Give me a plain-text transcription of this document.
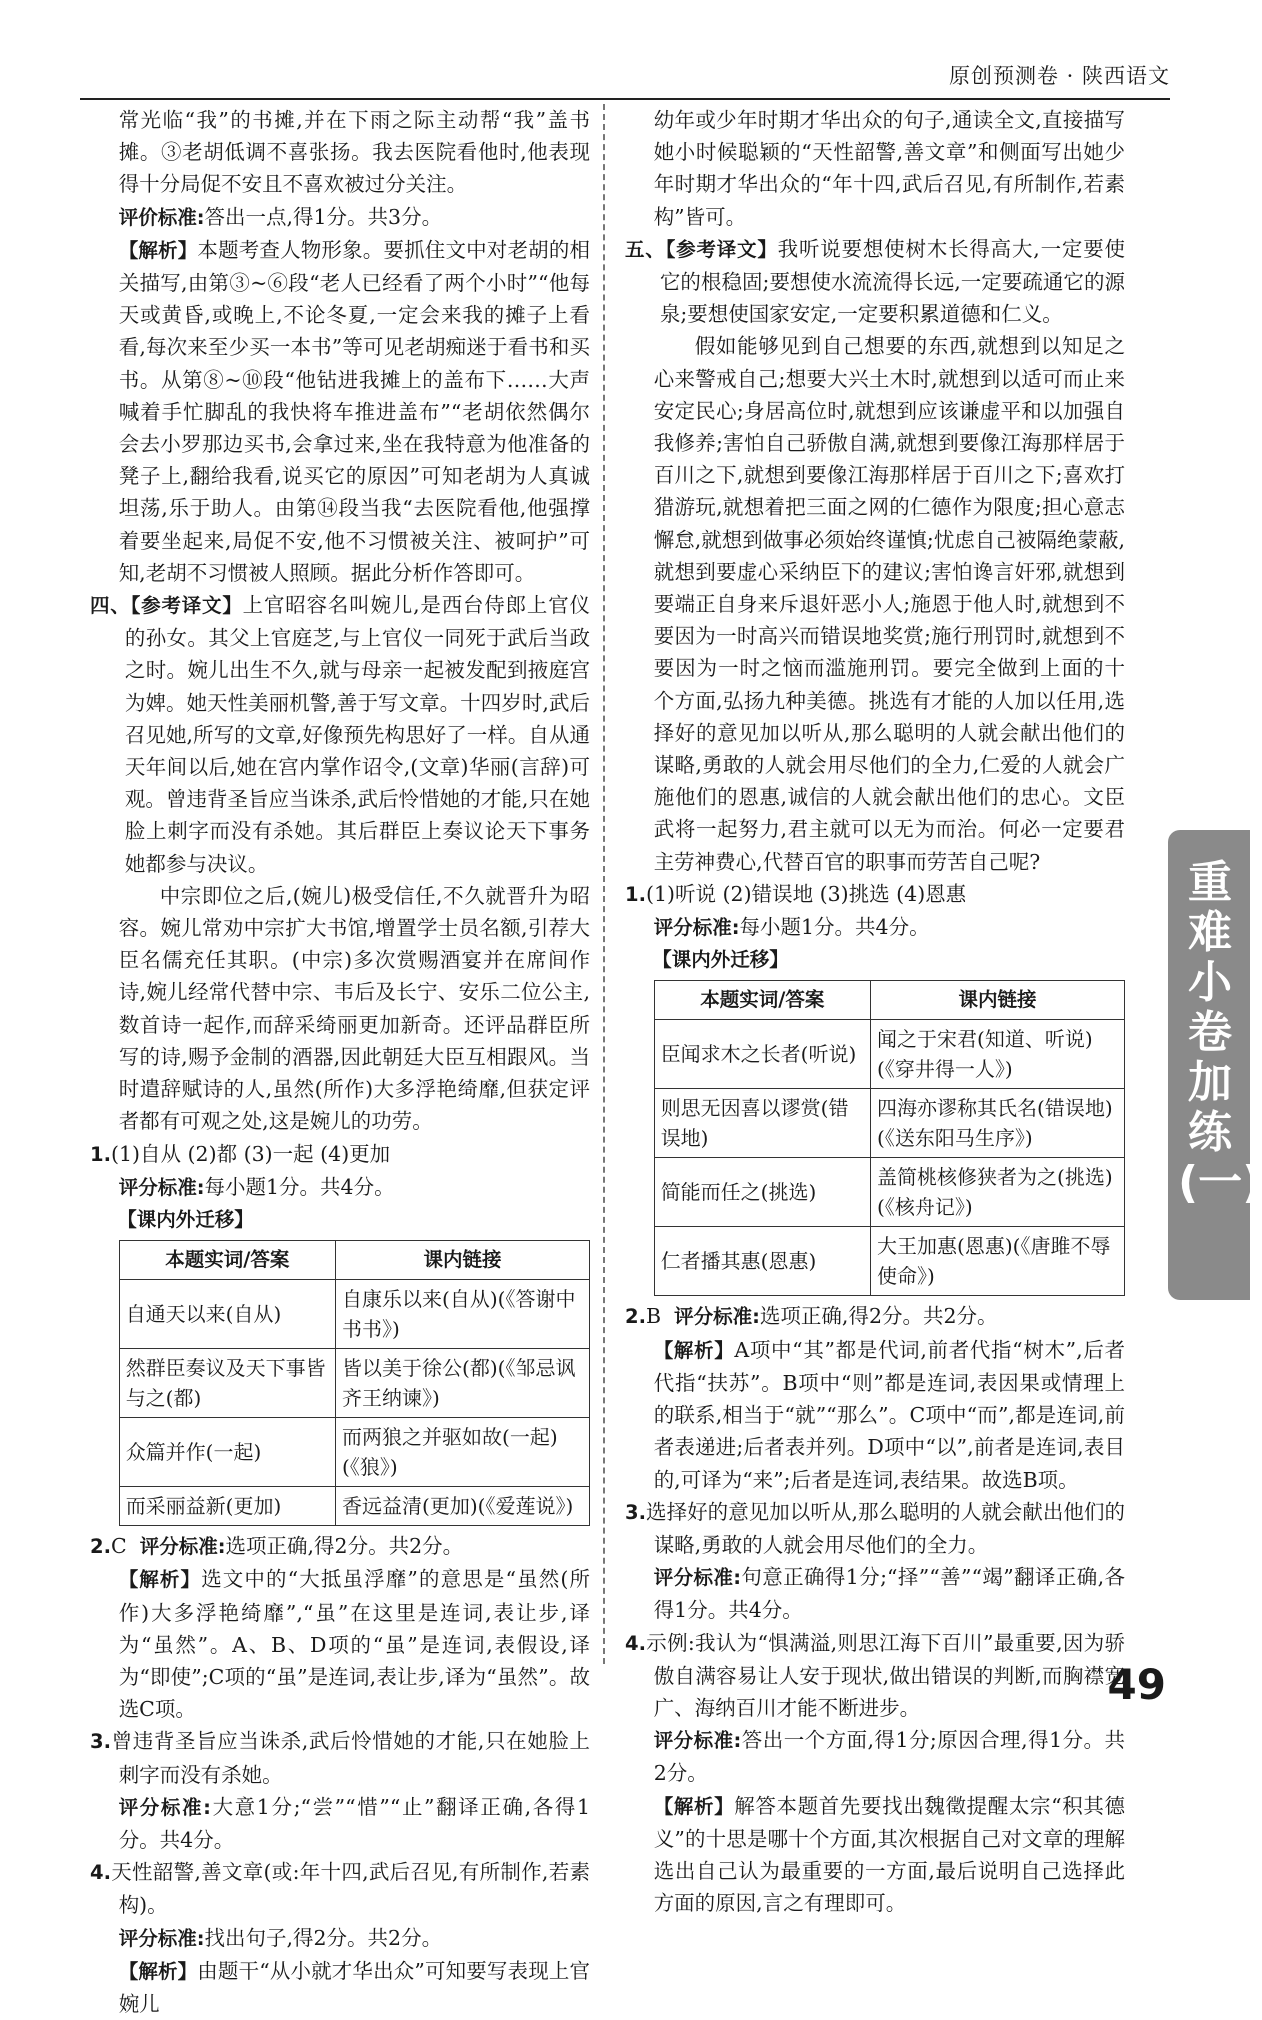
原创预测卷 · 陕西语文

常光临“我”的书摊,并在下雨之际主动帮“我”盖书摊。③老胡低调不喜张扬。我去医院看他时,他表现得十分局促不安且不喜欢被过分关注。

评价标准:答出一点,得1分。共3分。

【解析】本题考查人物形象。要抓住文中对老胡的相关描写,由第③~⑥段“老人已经看了两个小时”“他每天或黄昏,或晚上,不论冬夏,一定会来我的摊子上看看,每次来至少买一本书”等可见老胡痴迷于看书和买书。从第⑧~⑩段“他钻进我摊上的盖布下……大声喊着手忙脚乱的我快将车推进盖布”“老胡依然偶尔会去小罗那边买书,会拿过来,坐在我特意为他准备的凳子上,翻给我看,说买它的原因”可知老胡为人真诚坦荡,乐于助人。由第⑭段当我“去医院看他,他强撑着要坐起来,局促不安,他不习惯被关注、被呵护”可知,老胡不习惯被人照顾。据此分析作答即可。

四、【参考译文】上官昭容名叫婉儿,是西台侍郎上官仪的孙女。其父上官庭芝,与上官仪一同死于武后当政之时。婉儿出生不久,就与母亲一起被发配到掖庭宫为婢。她天性美丽机警,善于写文章。十四岁时,武后召见她,所写的文章,好像预先构思好了一样。自从通天年间以后,她在宫内掌作诏令,(文章)华丽(言辞)可观。曾违背圣旨应当诛杀,武后怜惜她的才能,只在她脸上刺字而没有杀她。其后群臣上奏议论天下事务她都参与决议。

中宗即位之后,(婉儿)极受信任,不久就晋升为昭容。婉儿常劝中宗扩大书馆,增置学士员名额,引荐大臣名儒充任其职。(中宗)多次赏赐酒宴并在席间作诗,婉儿经常代替中宗、韦后及长宁、安乐二位公主,数首诗一起作,而辞采绮丽更加新奇。还评品群臣所写的诗,赐予金制的酒器,因此朝廷大臣互相跟风。当时遣辞赋诗的人,虽然(所作)大多浮艳绮靡,但获定评者都有可观之处,这是婉儿的功劳。

1.(1)自从 (2)都 (3)一起 (4)更加

评分标准:每小题1分。共4分。

【课内外迁移】

本题实词/答案	课内链接
自通天以来(自从)	自康乐以来(自从)(《答谢中书书》)
然群臣奏议及天下事皆与之(都)	皆以美于徐公(都)(《邹忌讽齐王纳谏》)
众篇并作(一起)	而两狼之并驱如故(一起)(《狼》)
而采丽益新(更加)	香远益清(更加)(《爱莲说》)

2.C 评分标准:选项正确,得2分。共2分。

【解析】选文中的“大抵虽浮靡”的意思是“虽然(所作)大多浮艳绮靡”,“虽”在这里是连词,表让步,译为“虽然”。A、B、D项的“虽”是连词,表假设,译为“即使”;C项的“虽”是连词,表让步,译为“虽然”。故选C项。

3.曾违背圣旨应当诛杀,武后怜惜她的才能,只在她脸上刺字而没有杀她。

评分标准:大意1分;“尝”“惜”“止”翻译正确,各得1分。共4分。

4.天性韶警,善文章(或:年十四,武后召见,有所制作,若素构)。

评分标准:找出句子,得2分。共2分。

【解析】由题干“从小就才华出众”可知要写表现上官婉儿

幼年或少年时期才华出众的句子,通读全文,直接描写她小时候聪颖的“天性韶警,善文章”和侧面写出她少年时期才华出众的“年十四,武后召见,有所制作,若素构”皆可。

五、【参考译文】我听说要想使树木长得高大,一定要使它的根稳固;要想使水流流得长远,一定要疏通它的源泉;要想使国家安定,一定要积累道德和仁义。

假如能够见到自己想要的东西,就想到以知足之心来警戒自己;想要大兴土木时,就想到以适可而止来安定民心;身居高位时,就想到应该谦虚平和以加强自我修养;害怕自己骄傲自满,就想到要像江海那样居于百川之下,就想到要像江海那样居于百川之下;喜欢打猎游玩,就想着把三面之网的仁德作为限度;担心意志懈怠,就想到做事必须始终谨慎;忧虑自己被隔绝蒙蔽,就想到要虚心采纳臣下的建议;害怕谗言奸邪,就想到要端正自身来斥退奸恶小人;施恩于他人时,就想到不要因为一时高兴而错误地奖赏;施行刑罚时,就想到不要因为一时之恼而滥施刑罚。要完全做到上面的十个方面,弘扬九种美德。挑选有才能的人加以任用,选择好的意见加以听从,那么聪明的人就会献出他们的谋略,勇敢的人就会用尽他们的全力,仁爱的人就会广施他们的恩惠,诚信的人就会献出他们的忠心。文臣武将一起努力,君主就可以无为而治。何必一定要君主劳神费心,代替百官的职事而劳苦自己呢?

1.(1)听说 (2)错误地 (3)挑选 (4)恩惠

评分标准:每小题1分。共4分。

【课内外迁移】

本题实词/答案	课内链接
臣闻求木之长者(听说)	闻之于宋君(知道、听说)(《穿井得一人》)
则思无因喜以谬赏(错误地)	四海亦谬称其氏名(错误地)(《送东阳马生序》)
简能而任之(挑选)	盖简桃核修狭者为之(挑选)(《核舟记》)
仁者播其惠(恩惠)	大王加惠(恩惠)(《唐雎不辱使命》)

2.B 评分标准:选项正确,得2分。共2分。

【解析】A项中“其”都是代词,前者代指“树木”,后者代指“扶苏”。B项中“则”都是连词,表因果或情理上的联系,相当于“就”“那么”。C项中“而”,都是连词,前者表递进;后者表并列。D项中“以”,前者是连词,表目的,可译为“来”;后者是连词,表结果。故选B项。

3.选择好的意见加以听从,那么聪明的人就会献出他们的谋略,勇敢的人就会用尽他们的全力。

评分标准:句意正确得1分;“择”“善”“竭”翻译正确,各得1分。共4分。

4.示例:我认为“惧满溢,则思江海下百川”最重要,因为骄傲自满容易让人安于现状,做出错误的判断,而胸襟宽广、海纳百川才能不断进步。

评分标准:答出一个方面,得1分;原因合理,得1分。共2分。

【解析】解答本题首先要找出魏徵提醒太宗“积其德义”的十思是哪十个方面,其次根据自己对文章的理解选出自己认为最重要的一方面,最后说明自己选择此方面的原因,言之有理即可。

重难小卷加练(一)
49
